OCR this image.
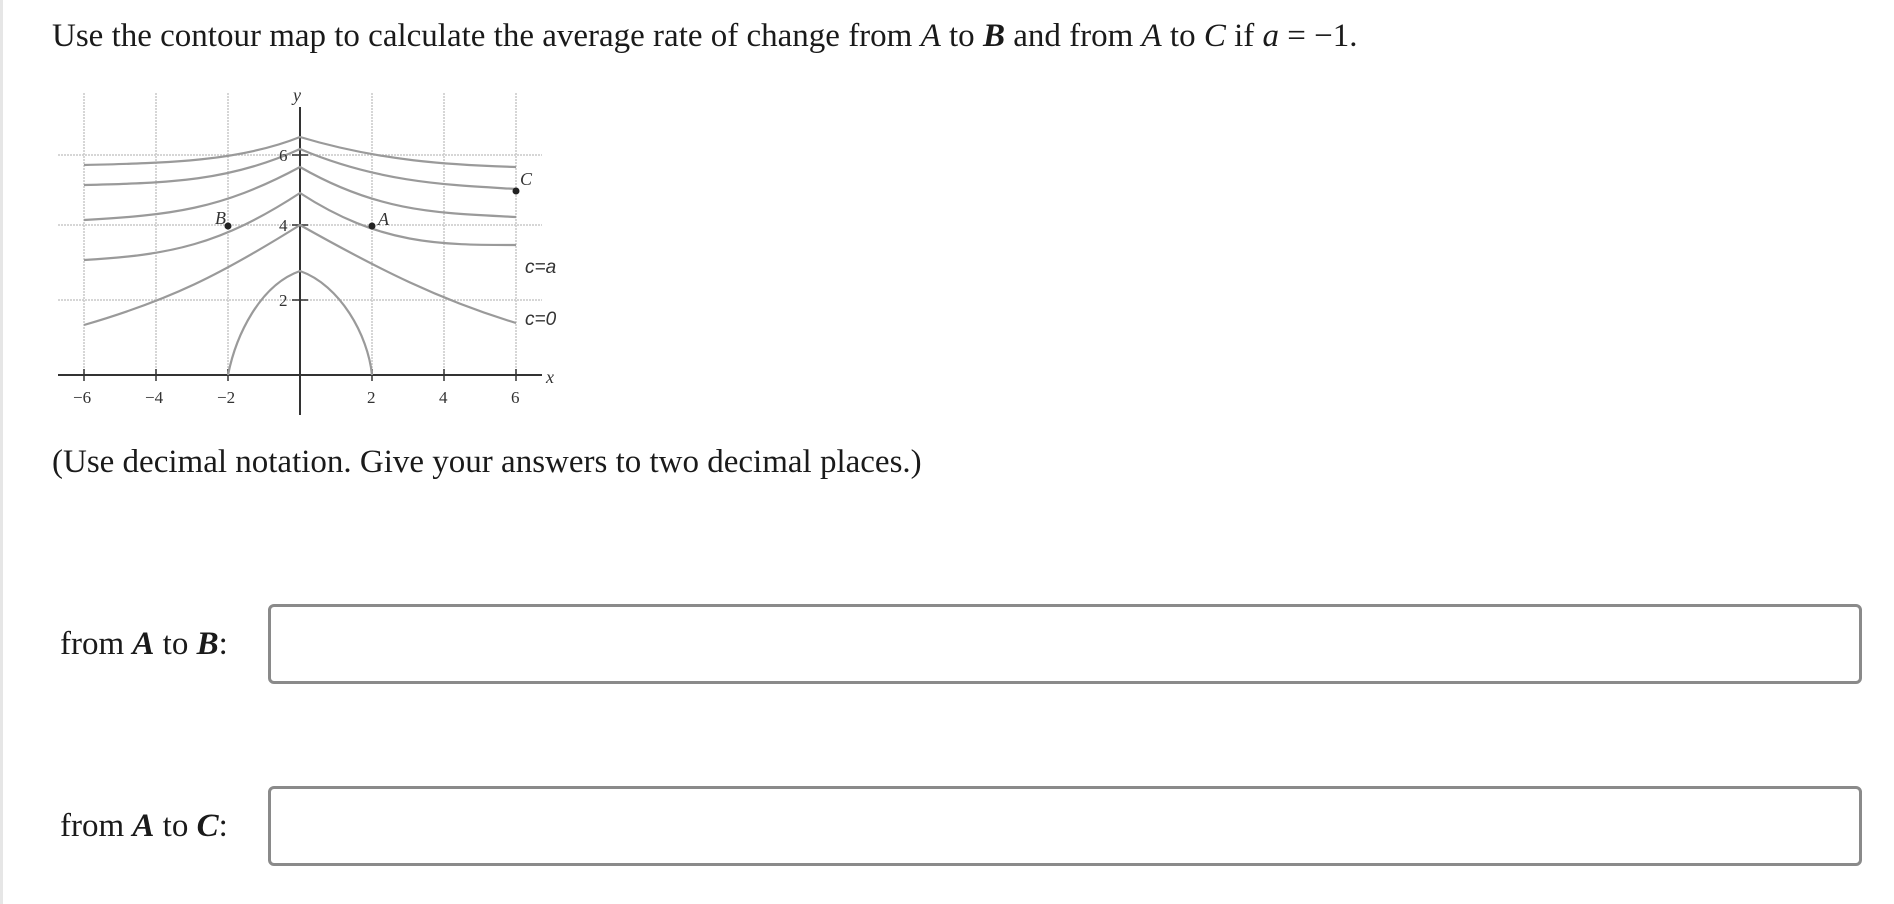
Use the contour map to calculate the average rate of change from A to B and from A to C if a = −1.
B	A
C
c=a
c=0
y
x
−6	−4	−2	2	4	6
2
4
6
(Use decimal notation. Give your answers to two decimal places.)
from A to B:
from A to C:
